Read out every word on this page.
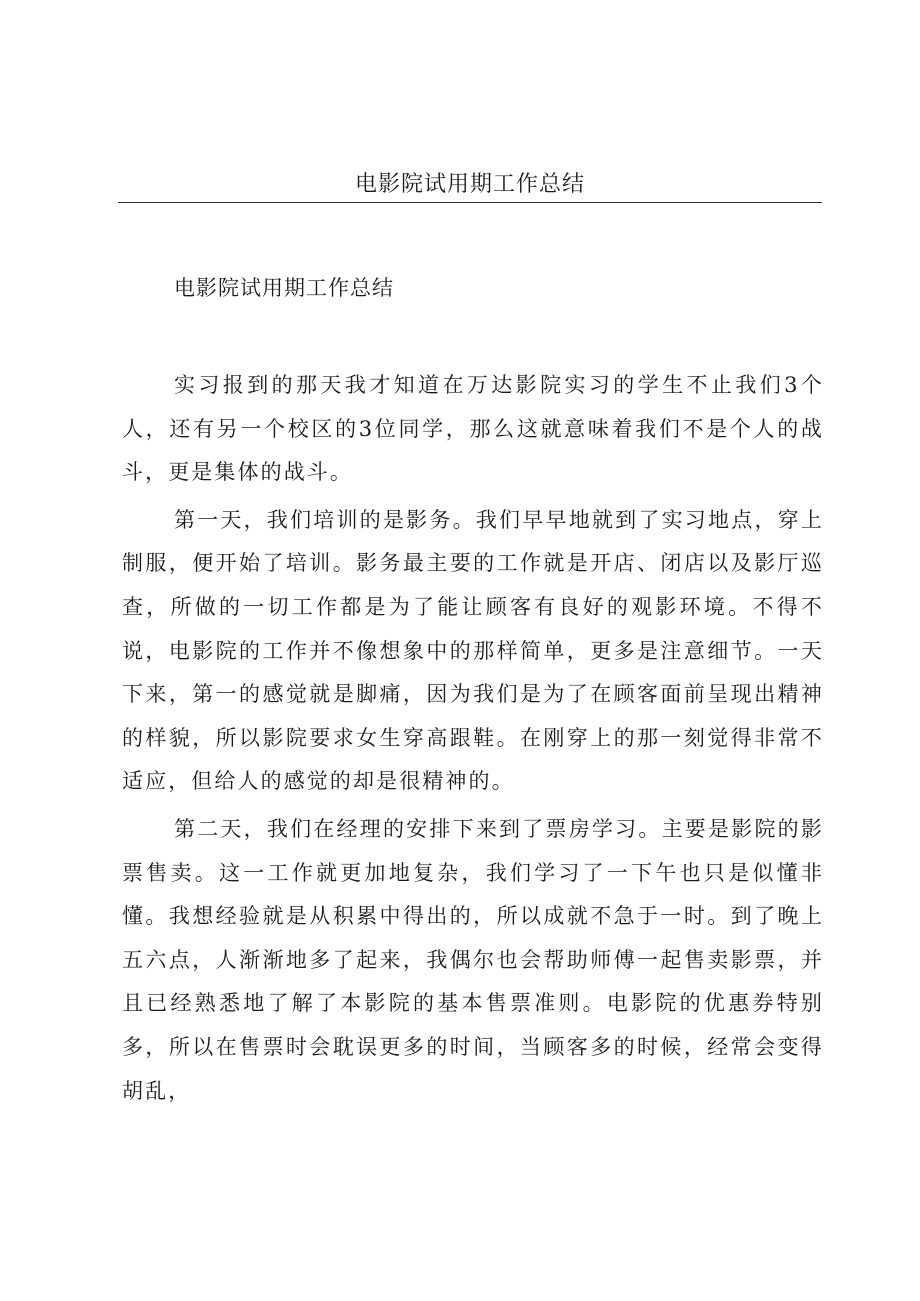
电影院试用期工作总结
电影院试用期工作总结

实习报到的那天我才知道在万达影院实习的学生不止我们3个人，还有另一个校区的3位同学，那么这就意味着我们不是个人的战斗，更是集体的战斗。

第一天，我们培训的是影务。我们早早地就到了实习地点，穿上制服，便开始了培训。影务最主要的工作就是开店、闭店以及影厅巡查，所做的一切工作都是为了能让顾客有良好的观影环境。不得不说，电影院的工作并不像想象中的那样简单，更多是注意细节。一天下来，第一的感觉就是脚痛，因为我们是为了在顾客面前呈现出精神的样貌，所以影院要求女生穿高跟鞋。在刚穿上的那一刻觉得非常不适应，但给人的感觉的却是很精神的。

第二天，我们在经理的安排下来到了票房学习。主要是影院的影票售卖。这一工作就更加地复杂，我们学习了一下午也只是似懂非懂。我想经验就是从积累中得出的，所以成就不急于一时。到了晚上五六点，人渐渐地多了起来，我偶尔也会帮助师傅一起售卖影票，并且已经熟悉地了解了本影院的基本售票准则。电影院的优惠券特别多，所以在售票时会耽误更多的时间，当顾客多的时候，经常会变得胡乱，
